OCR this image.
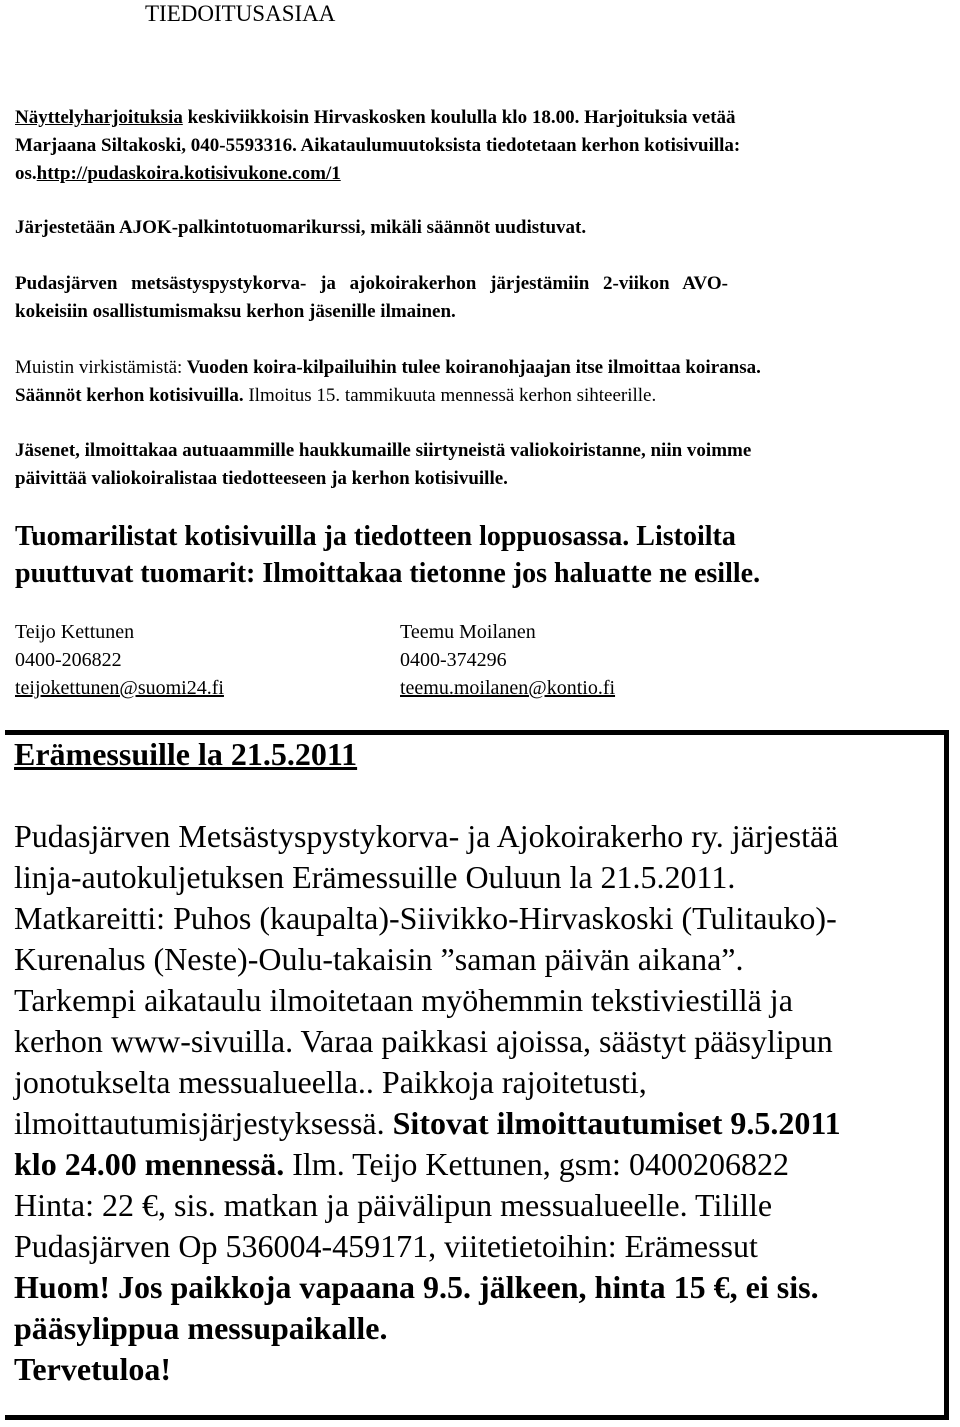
TIEDOITUSASIAA
Näyttelyharjoituksia keskiviikkoisin Hirvaskosken koululla klo 18.00. Harjoituksia vetää
Marjaana Siltakoski, 040-5593316. Aikataulumuutoksista tiedotetaan kerhon kotisivuilla:
os.http://pudaskoira.kotisivukone.com/1
Järjestetään AJOK-palkintotuomarikurssi, mikäli säännöt uudistuvat.
Pudasjärven metsästyspystykorva- ja ajokoirakerhon järjestämiin 2-viikon AVO-
kokeisiin osallistumismaksu kerhon jäsenille ilmainen.
Muistin virkistämistä: Vuoden koira-kilpailuihin tulee koiranohjaajan itse ilmoittaa koiransa.
Säännöt kerhon kotisivuilla. Ilmoitus 15. tammikuuta mennessä kerhon sihteerille.
Jäsenet, ilmoittakaa autuaammille haukkumaille siirtyneistä valiokoiristanne, niin voimme
päivittää valiokoiralistaa tiedotteeseen ja kerhon kotisivuille.
Tuomarilistat kotisivuilla ja tiedotteen loppuosassa. Listoilta
puuttuvat tuomarit: Ilmoittakaa tietonne jos haluatte ne esille.
Teijo Kettunen
0400-206822
teijokettunen@suomi24.fi
Teemu Moilanen
0400-374296
teemu.moilanen@kontio.fi
Erämessuille la 21.5.2011
Pudasjärven Metsästyspystykorva- ja Ajokoirakerho ry. järjestää
linja-autokuljetuksen Erämessuille Ouluun la 21.5.2011.
Matkareitti: Puhos (kaupalta)-Siivikko-Hirvaskoski (Tulitauko)-
Kurenalus (Neste)-Oulu-takaisin ”saman päivän aikana”.
Tarkempi aikataulu ilmoitetaan myöhemmin tekstiviestillä ja
kerhon www-sivuilla. Varaa paikkasi ajoissa, säästyt pääsylipun
jonotukselta messualueella.. Paikkoja rajoitetusti,
ilmoittautumisjärjestyksessä. Sitovat ilmoittautumiset 9.5.2011
klo 24.00 mennessä. Ilm. Teijo Kettunen, gsm: 0400206822
Hinta: 22 €, sis. matkan ja päivälipun messualueelle. Tilille
Pudasjärven Op 536004-459171, viitetietoihin: Erämessut
Huom! Jos paikkoja vapaana 9.5. jälkeen, hinta 15 €, ei sis.
pääsylippua messupaikalle.
Tervetuloa!
